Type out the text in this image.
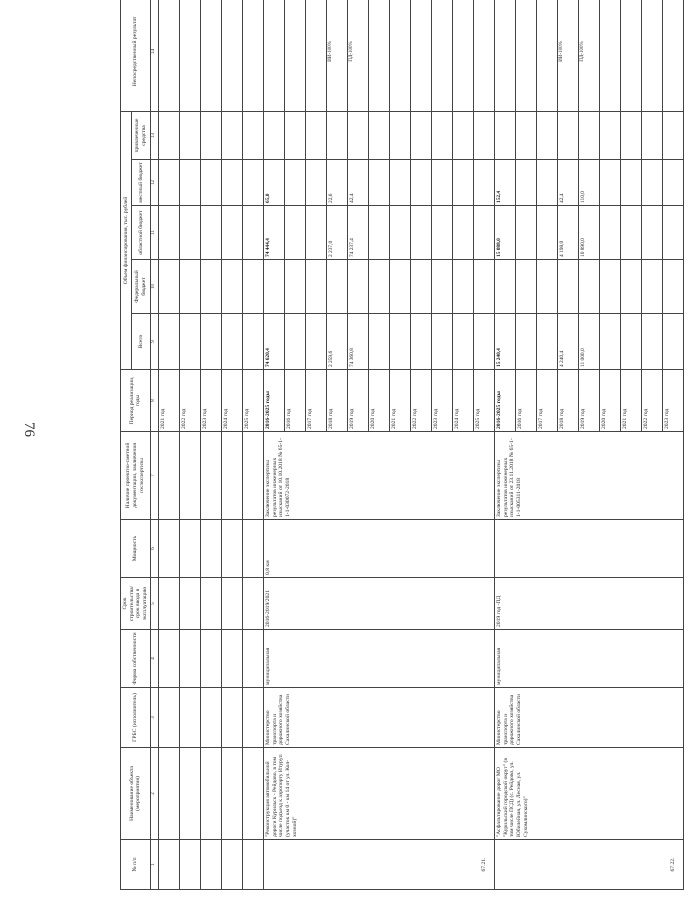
76
№ п/п	Наименование объекта (мероприятия)	ГРБС (исполнитель)	Форма собственности	Срок строительства/ срок ввода в эксплуатацию	Мощность	Наличие проектно-сметной документации, заключения госэкспертизы	Период реализации, годы	Объем финансирования, тыс. рублей					Непосредственный результат
								Всего	Федеральный бюджет	областной бюджет	местный бюджет	привлеченные средства	
1	2	3	4	5	6	7	8	9	10	11	12	13	14
							2021 год						
							2022 год						
							2023 год						
							2024 год						
							2025 год						
67.21.	"Реконструкция автомобильной дороги Курильск - Рейдово, в том числе подъезд к аэропорту Итуруп (участок км 0 - км 14 от ул. Кол-хозной)"	Министерство транспорта и дорожного хозяйства Сахалинской области	муниципальная	2016-2019/2021	0,8 км	Заключение экспертизы результатов инженерных изысканий от 10.10.2018 № 65-1-1-1-030072-2018	2016-2025 годы	74 620,4		74 444,4	65,0		
							2016 год						
							2017 год						
							2018 год	2 259,6		2 237,0	22,6		ИИ-100%
							2019 год	74 360,8		74 237,4	42,4		ПД-100%
							2020 год						
							2021 год						
							2022 год						
							2023 год						
							2024 год						
							2025 год						
67.22.	"Асфальтирование дорог МО "Курильский городской округ" (в том числе ПСД) (с. Рейдово, ул. Юбилейная, ул. Лесная, ул. Сухомлинского)"	Министерство транспорта и дорожного хозяйства Сахалинской области	муниципальная	2019 год -ПД		Заключение экспертизы результатов инженерных изысканий от 23.11.2018 № 65-1-1-1-005311-2018	2016-2025 годы	15 240,4		15 088,0	152,4		
							2016 год						
							2017 год						
							2018 год	4 240,4		4 198,0	42,4		ИИ-100%
							2019 год	11 000,0		10 890,0	110,0		ПД-100%
							2020 год						
							2021 год						
							2022 год						
							2023 год						
